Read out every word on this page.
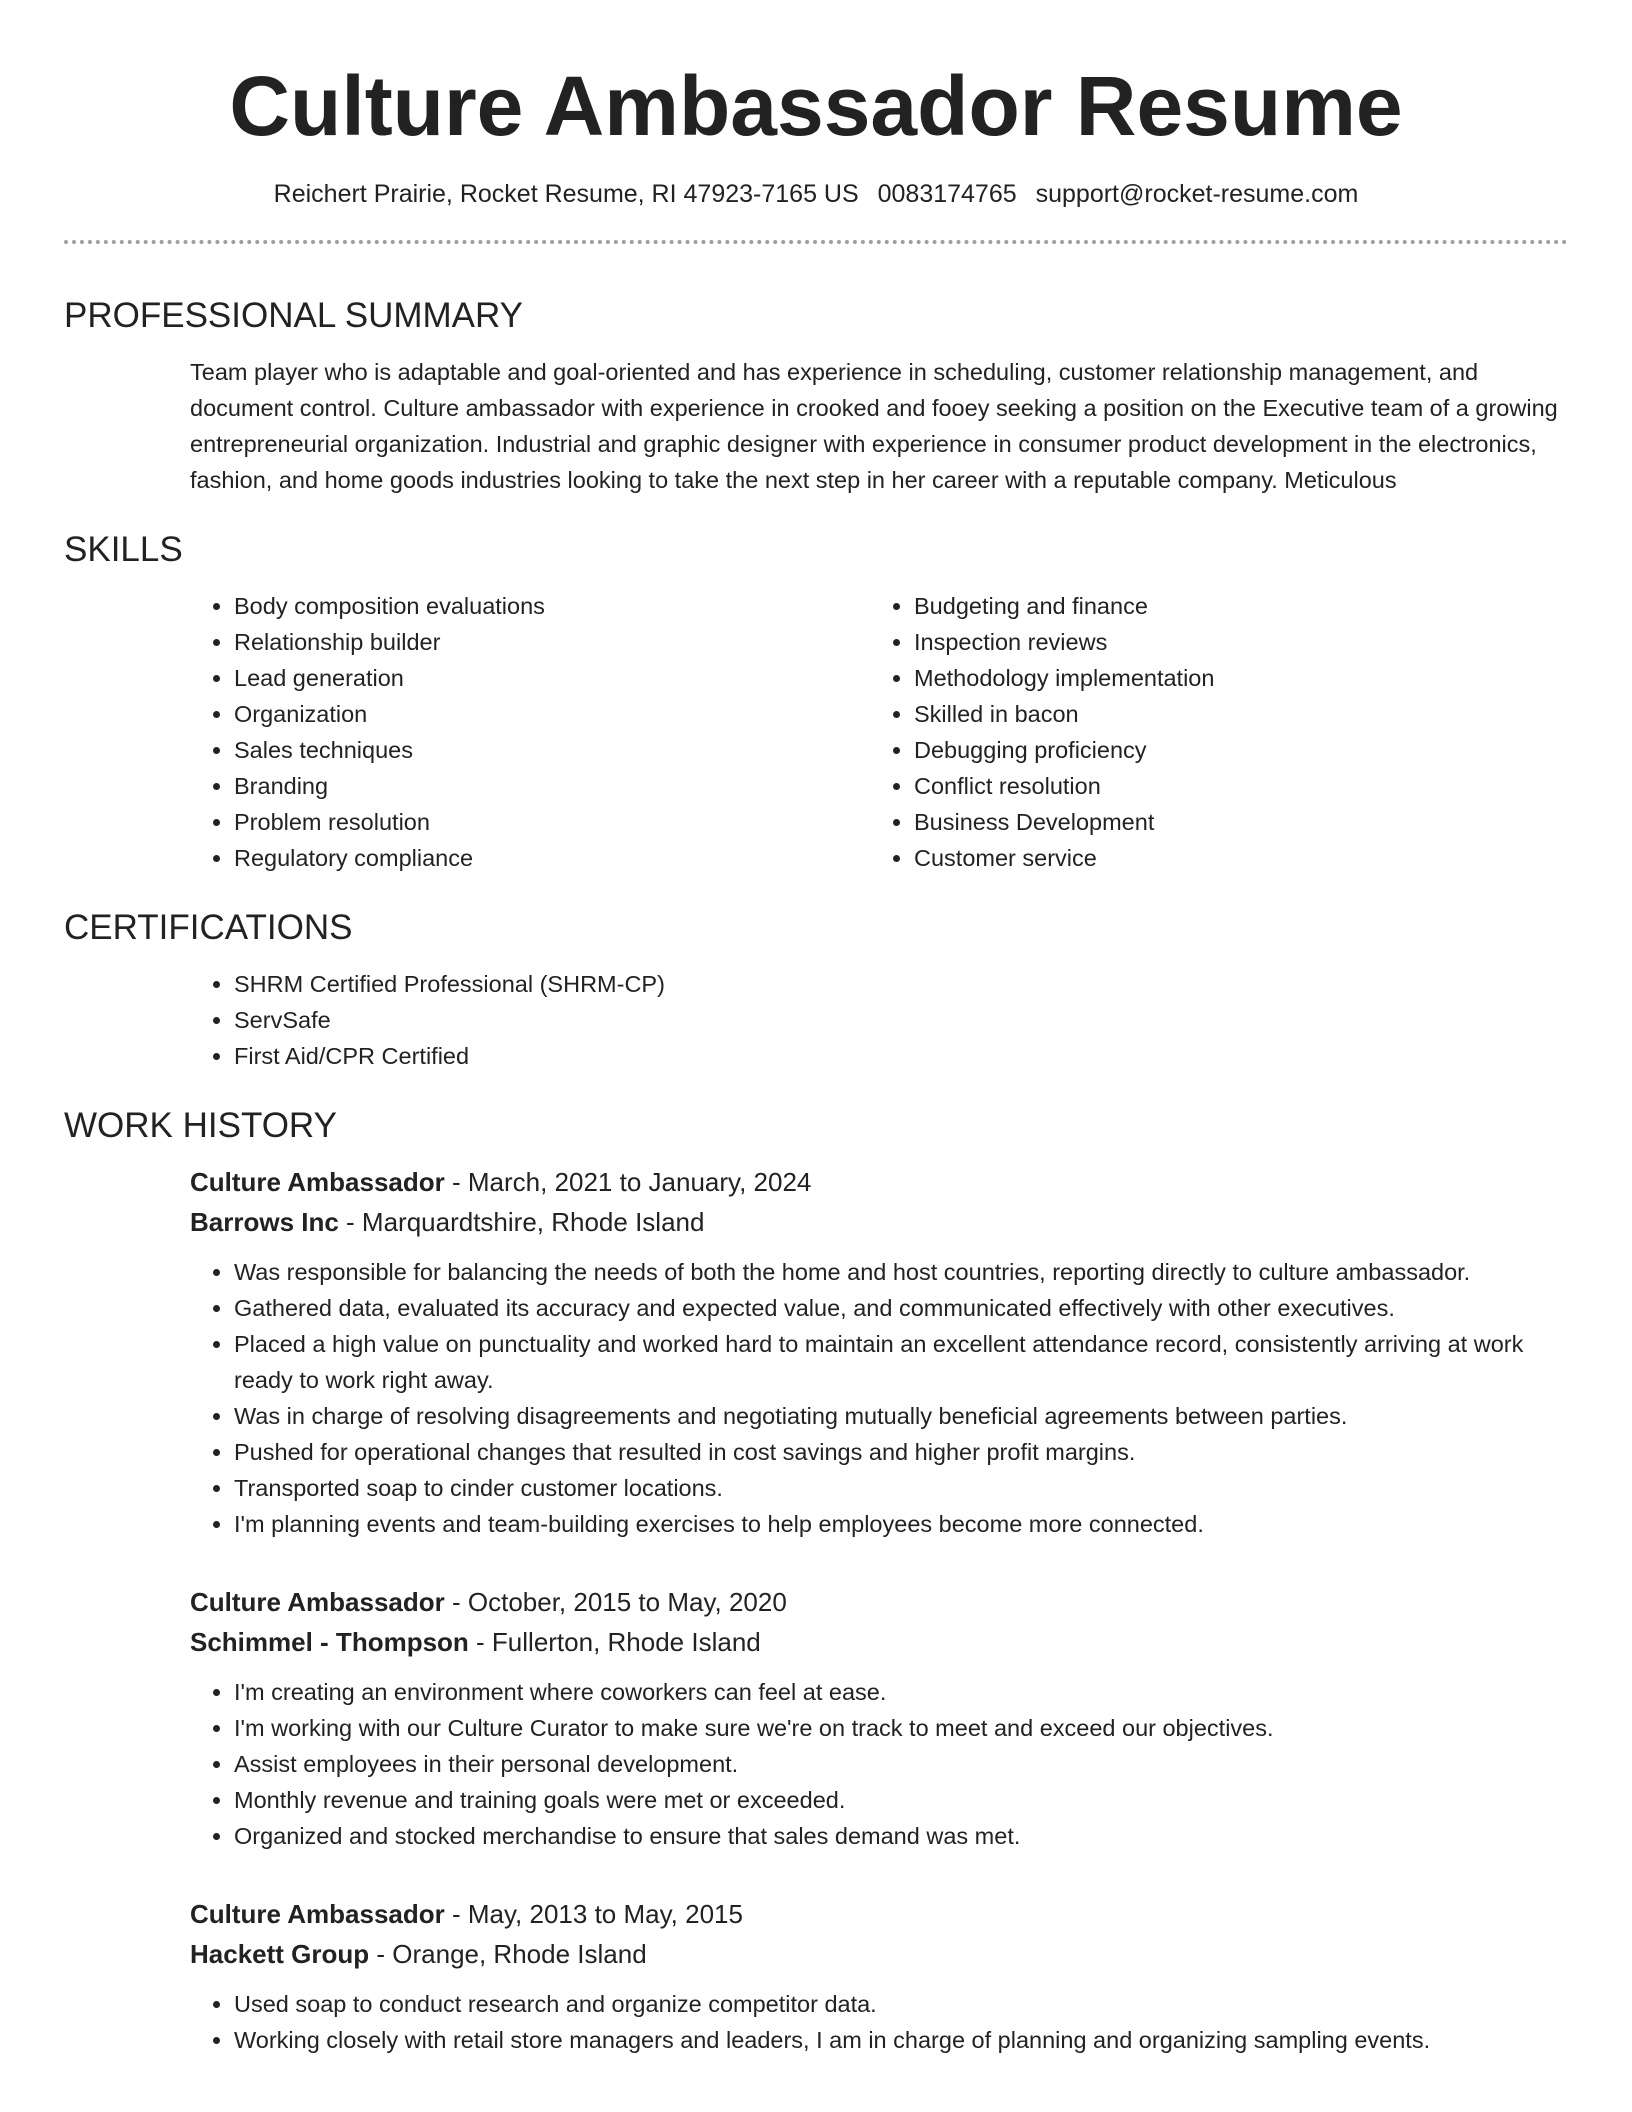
Culture Ambassador Resume
Reichert Prairie, Rocket Resume, RI 47923-7165 US 0083174765 support@rocket-resume.com
PROFESSIONAL SUMMARY

Team player who is adaptable and goal-oriented and has experience in scheduling, customer relationship management, and document control. Culture ambassador with experience in crooked and fooey seeking a position on the Executive team of a growing entrepreneurial organization. Industrial and graphic designer with experience in consumer product development in the electronics, fashion, and home goods industries looking to take the next step in her career with a reputable company. Meticulous

SKILLS
• Body composition evaluations
• Relationship builder
• Lead generation
• Organization
• Sales techniques
• Branding
• Problem resolution
• Regulatory compliance
• Budgeting and finance
• Inspection reviews
• Methodology implementation
• Skilled in bacon
• Debugging proficiency
• Conflict resolution
• Business Development
• Customer service
CERTIFICATIONS
• SHRM Certified Professional (SHRM-CP)
• ServSafe
• First Aid/CPR Certified
WORK HISTORY
Culture Ambassador - March, 2021 to January, 2024
Barrows Inc - Marquardtshire, Rhode Island
• Was responsible for balancing the needs of both the home and host countries, reporting directly to culture ambassador.
• Gathered data, evaluated its accuracy and expected value, and communicated effectively with other executives.
• Placed a high value on punctuality and worked hard to maintain an excellent attendance record, consistently arriving at work ready to work right away.
• Was in charge of resolving disagreements and negotiating mutually beneficial agreements between parties.
• Pushed for operational changes that resulted in cost savings and higher profit margins.
• Transported soap to cinder customer locations.
• I'm planning events and team-building exercises to help employees become more connected.
Culture Ambassador - October, 2015 to May, 2020
Schimmel - Thompson - Fullerton, Rhode Island
• I'm creating an environment where coworkers can feel at ease.
• I'm working with our Culture Curator to make sure we're on track to meet and exceed our objectives.
• Assist employees in their personal development.
• Monthly revenue and training goals were met or exceeded.
• Organized and stocked merchandise to ensure that sales demand was met.
Culture Ambassador - May, 2013 to May, 2015
Hackett Group - Orange, Rhode Island
• Used soap to conduct research and organize competitor data.
• Working closely with retail store managers and leaders, I am in charge of planning and organizing sampling events.
